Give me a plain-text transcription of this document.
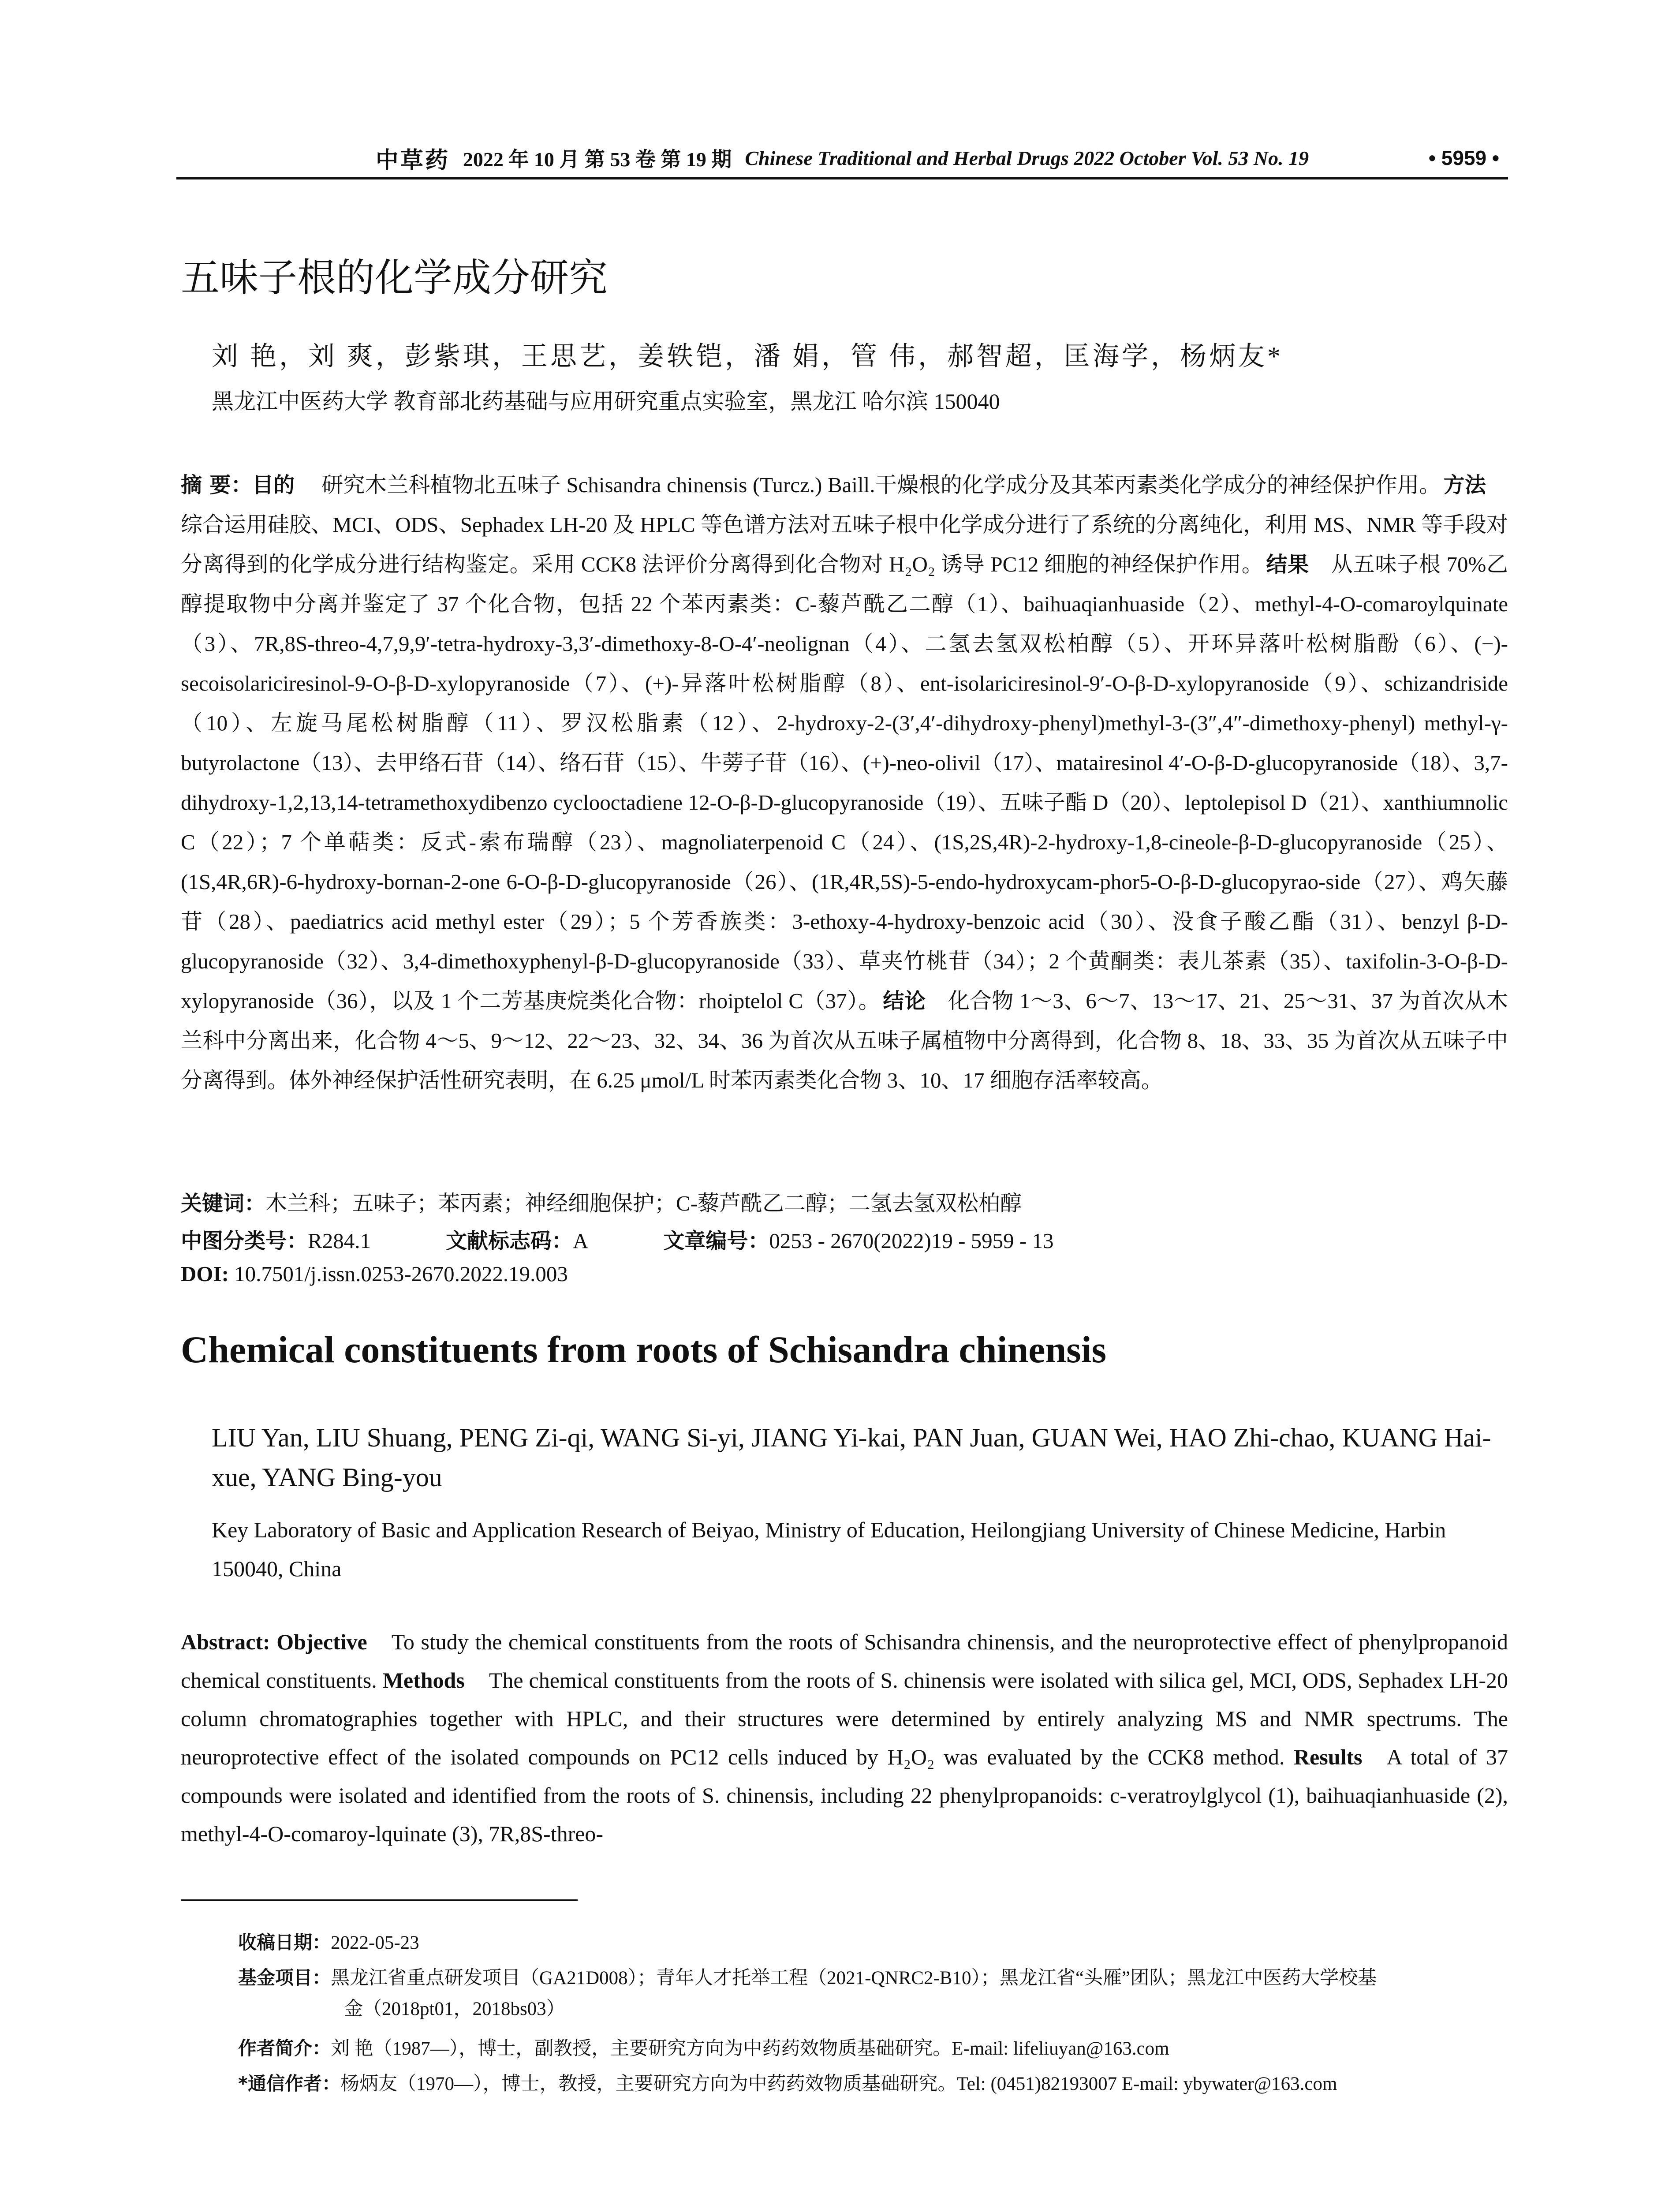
中草药 2022 年 10 月 第 53 卷 第 19 期 Chinese Traditional and Herbal Drugs 2022 October Vol. 53 No. 19	• 5959 •
五味子根的化学成分研究
刘 艳，刘 爽，彭紫琪，王思艺，姜轶铠，潘 娟，管 伟，郝智超，匡海学，杨炳友*
黑龙江中医药大学 教育部北药基础与应用研究重点实验室，黑龙江 哈尔滨 150040
摘 要：目的 研究木兰科植物北五味子 Schisandra chinensis (Turcz.) Baill.干燥根的化学成分及其苯丙素类化学成分的神经保护作用。 方法综合运用硅胶、MCI、ODS、Sephadex LH-20 及 HPLC 等色谱方法对五味子根中化学成分进行了系统的分离纯化，利用 MS、NMR 等手段对分离得到的化学成分进行结构鉴定。采用 CCK8 法评价分离得到化合物对 H₂O₂ 诱导 PC12 细胞的神经保护作用。 结果 从五味子根 70%乙醇提取物中分离并鉴定了 37 个化合物，包括 22 个苯丙素类：C-藜芦酰乙二醇（1）、baihuaqianhuaside（2）、methyl-4-O-comaroylquinate（3）、7R,8S-threo-4,7,9,9′-tetra-hydroxy-3,3′-dimethoxy-8-O-4′-neolignan（4）、二氢去氢双松柏醇（5）、开环异落叶松树脂酚（6）、(−)-secoisolariciresinol-9-O-β-D-xylopyranoside（7）、(+)-异落叶松树脂醇（8）、ent-isolariciresinol-9′-O-β-D-xylopyranoside（9）、schizandriside（10）、左旋马尾松树脂醇（11）、罗汉松脂素（12）、2-hydroxy-2-(3′,4′-dihydroxy-phenyl)methyl-3-(3″,4″-dimethoxy-phenyl) methyl-γ-butyrolactone（13）、去甲络石苷（14）、络石苷（15）、牛蒡子苷（16）、(+)-neo-olivil（17）、matairesinol 4′-O-β-D-glucopyranoside（18）、3,7-dihydroxy-1,2,13,14-tetramethoxydibenzo cyclooctadiene 12-O-β-D-glucopyranoside（19）、五味子酯 D（20）、leptolepisol D（21）、xanthiumnolic C（22）；7 个单萜类：反式-索布瑞醇（23）、magnoliaterpenoid C（24）、(1S,2S,4R)-2-hydroxy-1,8-cineole-β-D-glucopyranoside（25）、(1S,4R,6R)-6-hydroxy-bornan-2-one 6-O-β-D-glucopyranoside（26）、(1R,4R,5S)-5-endo-hydroxycam-phor5-O-β-D-glucopyrao-side（27）、鸡矢藤苷（28）、paediatrics acid methyl ester（29）；5 个芳香族类：3-ethoxy-4-hydroxy-benzoic acid（30）、没食子酸乙酯（31）、benzyl β-D-glucopyranoside（32）、3,4-dimethoxyphenyl-β-D-glucopyranoside（33）、草夹竹桃苷（34）；2 个黄酮类：表儿茶素（35）、taxifolin-3-O-β-D-xylopyranoside（36），以及 1 个二芳基庚烷类化合物：rhoiptelol C（37）。 结论 化合物 1～3、6～7、13～17、21、25～31、37 为首次从木兰科中分离出来，化合物 4～5、9～12、22～23、32、34、36 为首次从五味子属植物中分离得到，化合物 8、18、33、35 为首次从五味子中分离得到。体外神经保护活性研究表明，在 6.25 μmol/L 时苯丙素类化合物 3、10、17 细胞存活率较高。
关键词：木兰科；五味子；苯丙素；神经细胞保护；C-藜芦酰乙二醇；二氢去氢双松柏醇
中图分类号：R284.1	文献标志码：A	文章编号：0253 - 2670(2022)19 - 5959 - 13
DOI: 10.7501/j.issn.0253-2670.2022.19.003
Chemical constituents from roots of Schisandra chinensis
LIU Yan, LIU Shuang, PENG Zi-qi, WANG Si-yi, JIANG Yi-kai, PAN Juan, GUAN Wei, HAO Zhi-chao, KUANG Hai-xue, YANG Bing-you
Key Laboratory of Basic and Application Research of Beiyao, Ministry of Education, Heilongjiang University of Chinese Medicine, Harbin 150040, China
Abstract: Objective To study the chemical constituents from the roots of Schisandra chinensis, and the neuroprotective effect of phenylpropanoid chemical constituents. Methods The chemical constituents from the roots of S. chinensis were isolated with silica gel, MCI, ODS, Sephadex LH-20 column chromatographies together with HPLC, and their structures were determined by entirely analyzing MS and NMR spectrums. The neuroprotective effect of the isolated compounds on PC12 cells induced by H₂O₂ was evaluated by the CCK8 method. Results A total of 37 compounds were isolated and identified from the roots of S. chinensis, including 22 phenylpropanoids: c-veratroylglycol (1), baihuaqianhuaside (2), methyl-4-O-comaroy-lquinate (3), 7R,8S-threo-
收稿日期：2022-05-23
基金项目：黑龙江省重点研发项目（GA21D008）；青年人才托举工程（2021-QNRC2-B10）；黑龙江省“头雁”团队；黑龙江中医药大学校基
金（2018pt01，2018bs03）
作者简介：刘 艳（1987—），博士，副教授，主要研究方向为中药药效物质基础研究。E-mail: lifeliuyan@163.com
*通信作者：杨炳友（1970—），博士，教授，主要研究方向为中药药效物质基础研究。Tel: (0451)82193007 E-mail: ybywater@163.com
